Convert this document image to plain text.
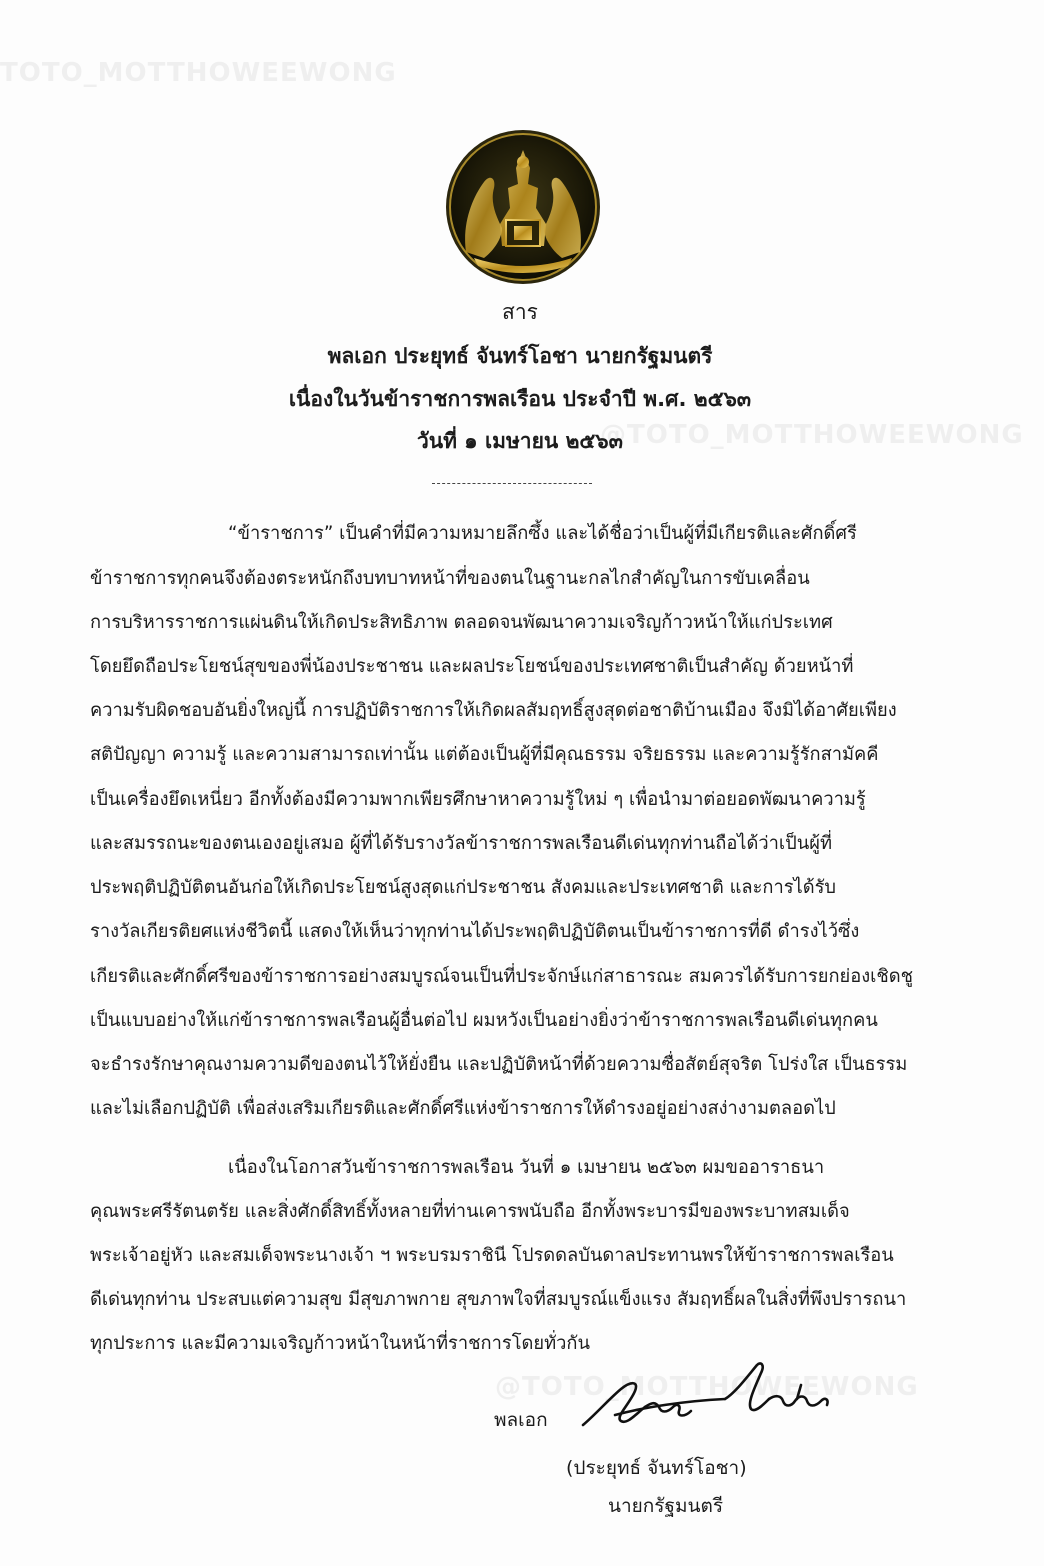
TOTO_MOTTHOWEEWONG
@TOTO_MOTTHOWEEWONG
@TOTO_MOTTHOWEEWONG
สาร
พลเอก ประยุทธ์ จันทร์โอชา นายกรัฐมนตรี
เนื่องในวันข้าราชการพลเรือน ประจำปี พ.ศ. ๒๕๖๓
วันที่ ๑ เมษายน ๒๕๖๓
“ข้าราชการ” เป็นคำที่มีความหมายลึกซึ้ง และได้ชื่อว่าเป็นผู้ที่มีเกียรติและศักดิ์ศรี
ข้าราชการทุกคนจึงต้องตระหนักถึงบทบาทหน้าที่ของตนในฐานะกลไกสำคัญในการขับเคลื่อน
การบริหารราชการแผ่นดินให้เกิดประสิทธิภาพ ตลอดจนพัฒนาความเจริญก้าวหน้าให้แก่ประเทศ
โดยยึดถือประโยชน์สุขของพี่น้องประชาชน และผลประโยชน์ของประเทศชาติเป็นสำคัญ ด้วยหน้าที่
ความรับผิดชอบอันยิ่งใหญ่นี้ การปฏิบัติราชการให้เกิดผลสัมฤทธิ์สูงสุดต่อชาติบ้านเมือง จึงมิได้อาศัยเพียง
สติปัญญา ความรู้ และความสามารถเท่านั้น แต่ต้องเป็นผู้ที่มีคุณธรรม จริยธรรม และความรู้รักสามัคคี
เป็นเครื่องยึดเหนี่ยว อีกทั้งต้องมีความพากเพียรศึกษาหาความรู้ใหม่ ๆ เพื่อนำมาต่อยอดพัฒนาความรู้
และสมรรถนะของตนเองอยู่เสมอ ผู้ที่ได้รับรางวัลข้าราชการพลเรือนดีเด่นทุกท่านถือได้ว่าเป็นผู้ที่
ประพฤติปฏิบัติตนอันก่อให้เกิดประโยชน์สูงสุดแก่ประชาชน สังคมและประเทศชาติ และการได้รับ
รางวัลเกียรติยศแห่งชีวิตนี้ แสดงให้เห็นว่าทุกท่านได้ประพฤติปฏิบัติตนเป็นข้าราชการที่ดี ดำรงไว้ซึ่ง
เกียรติและศักดิ์ศรีของข้าราชการอย่างสมบูรณ์จนเป็นที่ประจักษ์แก่สาธารณะ สมควรได้รับการยกย่องเชิดชู
เป็นแบบอย่างให้แก่ข้าราชการพลเรือนผู้อื่นต่อไป ผมหวังเป็นอย่างยิ่งว่าข้าราชการพลเรือนดีเด่นทุกคน
จะธำรงรักษาคุณงามความดีของตนไว้ให้ยั่งยืน และปฏิบัติหน้าที่ด้วยความซื่อสัตย์สุจริต โปร่งใส เป็นธรรม
และไม่เลือกปฏิบัติ เพื่อส่งเสริมเกียรติและศักดิ์ศรีแห่งข้าราชการให้ดำรงอยู่อย่างสง่างามตลอดไป
เนื่องในโอกาสวันข้าราชการพลเรือน วันที่ ๑ เมษายน ๒๕๖๓ ผมขออาราธนา
คุณพระศรีรัตนตรัย และสิ่งศักดิ์สิทธิ์ทั้งหลายที่ท่านเคารพนับถือ อีกทั้งพระบารมีของพระบาทสมเด็จ
พระเจ้าอยู่หัว และสมเด็จพระนางเจ้า ฯ พระบรมราชินี โปรดดลบันดาลประทานพรให้ข้าราชการพลเรือน
ดีเด่นทุกท่าน ประสบแต่ความสุข มีสุขภาพกาย สุขภาพใจที่สมบูรณ์แข็งแรง สัมฤทธิ์ผลในสิ่งที่พึงปรารถนา
ทุกประการ และมีความเจริญก้าวหน้าในหน้าที่ราชการโดยทั่วกัน
พลเอก
(ประยุทธ์ จันทร์โอชา)
นายกรัฐมนตรี
